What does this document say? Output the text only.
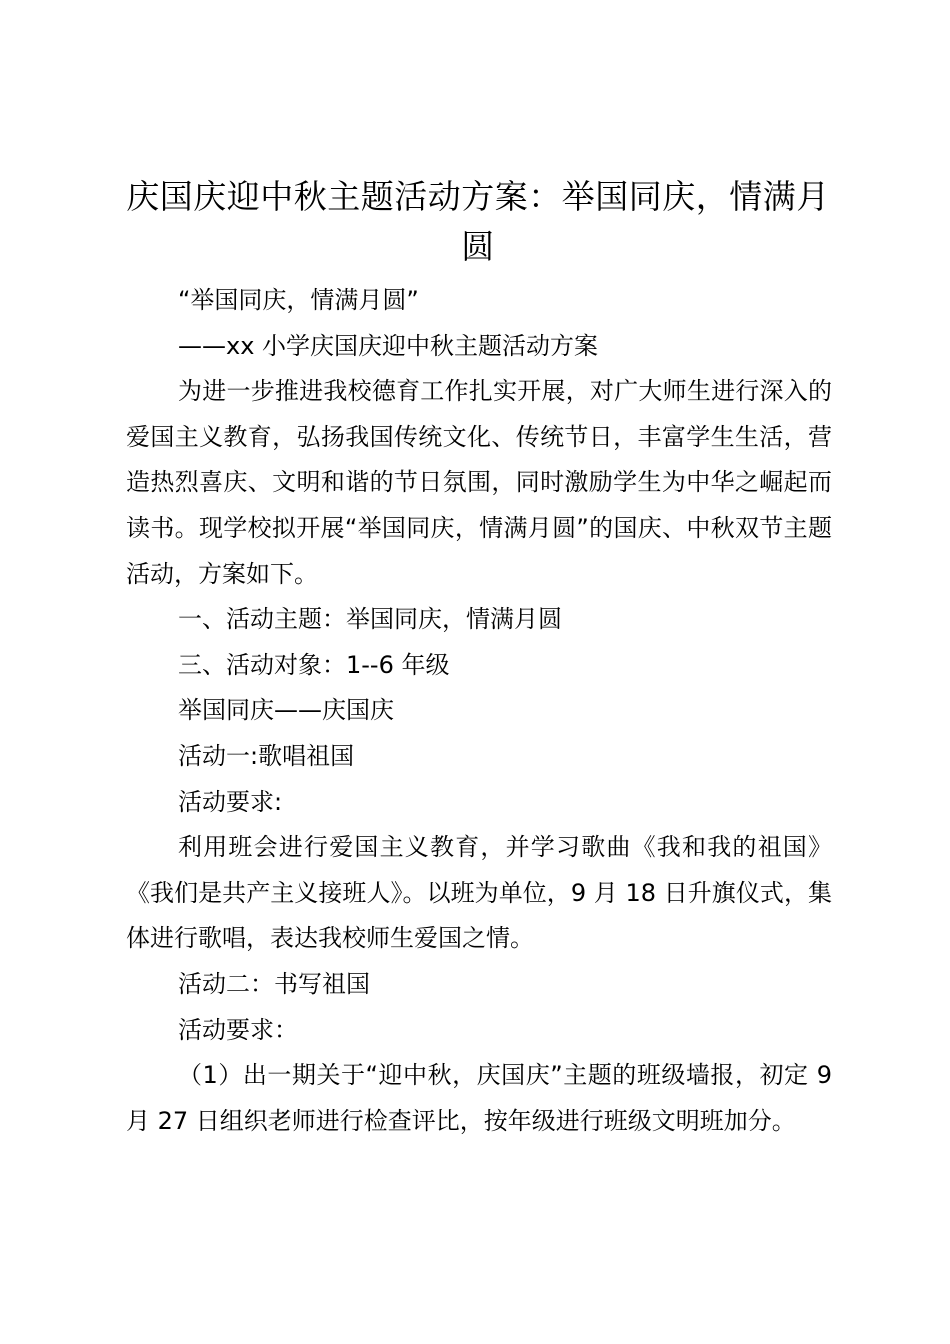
庆国庆迎中秋主题活动方案：举国同庆，情满月圆

“举国同庆，情满月圆”

——xx 小学庆国庆迎中秋主题活动方案

为进一步推进我校德育工作扎实开展，对广大师生进行深入的爱国主义教育，弘扬我国传统文化、传统节日，丰富学生生活，营造热烈喜庆、文明和谐的节日氛围，同时激励学生为中华之崛起而读书。现学校拟开展“举国同庆，情满月圆”的国庆、中秋双节主题活动，方案如下。

一、活动主题：举国同庆，情满月圆

三、活动对象：1--6 年级

举国同庆——庆国庆

活动一:歌唱祖国

活动要求:

利用班会进行爱国主义教育，并学习歌曲《我和我的祖国》《我们是共产主义接班人》。以班为单位，9 月 18 日升旗仪式，集体进行歌唱，表达我校师生爱国之情。

活动二：书写祖国

活动要求：

（1）出一期关于“迎中秋，庆国庆”主题的班级墙报，初定 9 月 27 日组织老师进行检查评比，按年级进行班级文明班加分。
